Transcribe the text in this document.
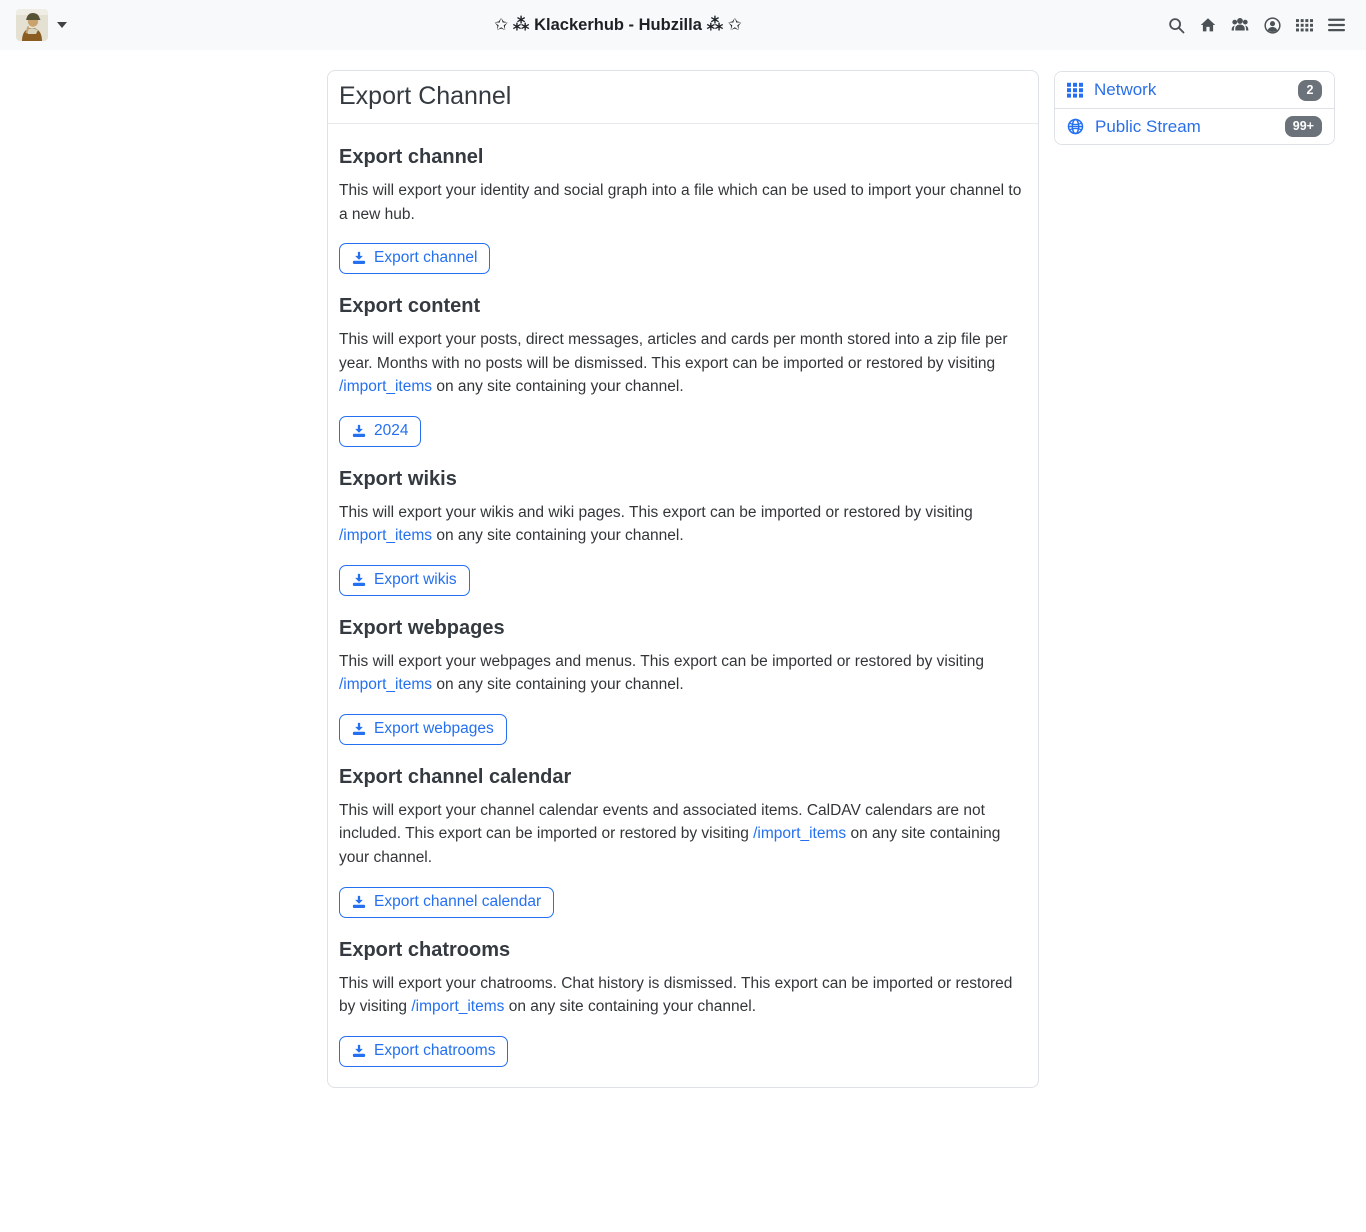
✩ ⁂ Klackerhub - Hubzilla ⁂ ✩
Export Channel
Export channel

This will export your identity and social graph into a file which can be used to import your channel to a new hub.

Export channel
Export content

This will export your posts, direct messages, articles and cards per month stored into a zip file per year. Months with no posts will be dismissed. This export can be imported or restored by visiting /import_items on any site containing your channel.

2024
Export wikis

This will export your wikis and wiki pages. This export can be imported or restored by visiting /import_items on any site containing your channel.

Export wikis
Export webpages

This will export your webpages and menus. This export can be imported or restored by visiting /import_items on any site containing your channel.

Export webpages
Export channel calendar

This will export your channel calendar events and associated items. CalDAV calendars are not included. This export can be imported or restored by visiting /import_items on any site containing your channel.

Export channel calendar
Export chatrooms

This will export your chatrooms. Chat history is dismissed. This export can be imported or restored by visiting /import_items on any site containing your channel.

Export chatrooms
Network	2
Public Stream	99+
